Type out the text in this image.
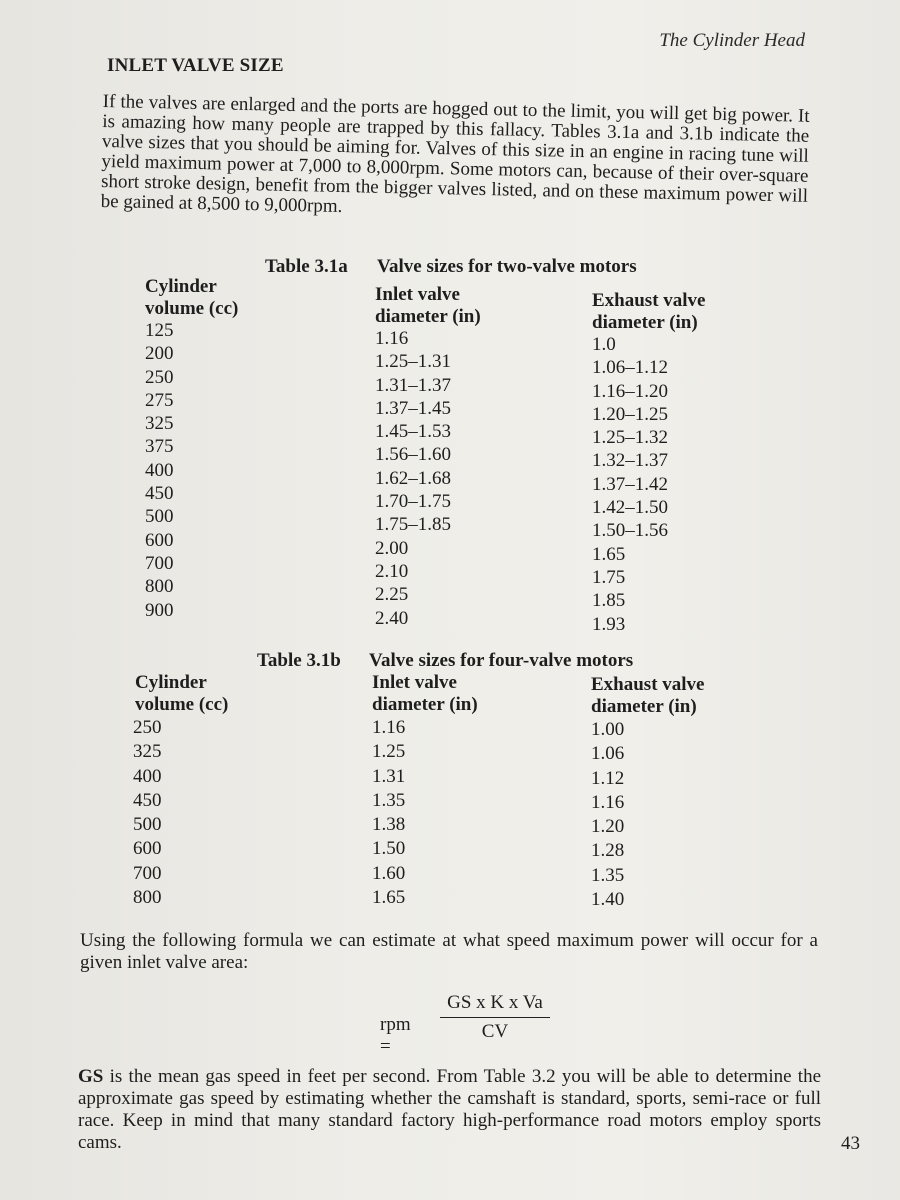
The Cylinder Head
INLET VALVE SIZE
If the valves are enlarged and the ports are hogged out to the limit, you will get big power. It is amazing how many people are trapped by this fallacy. Tables 3.1a and 3.1b indicate the valve sizes that you should be aiming for. Valves of this size in an engine in racing tune will yield maximum power at 7,000 to 8,000rpm. Some motors can, because of their over-square short stroke design, benefit from the bigger valves listed, and on these maximum power will be gained at 8,500 to 9,000rpm.
Table 3.1a Valve sizes for two-valve motors
Cylinder
volume (cc)
Inlet valve
diameter (in)
Exhaust valve
diameter (in)
125
200
250
275
325
375
400
450
500
600
700
800
900
1.16
1.25–1.31
1.31–1.37
1.37–1.45
1.45–1.53
1.56–1.60
1.62–1.68
1.70–1.75
1.75–1.85
2.00
2.10
2.25
2.40
1.0
1.06–1.12
1.16–1.20
1.20–1.25
1.25–1.32
1.32–1.37
1.37–1.42
1.42–1.50
1.50–1.56
1.65
1.75
1.85
1.93
Table 3.1b Valve sizes for four-valve motors
Cylinder
volume (cc)
Inlet valve
diameter (in)
Exhaust valve
diameter (in)
250
325
400
450
500
600
700
800
1.16
1.25
1.31
1.35
1.38
1.50
1.60
1.65
1.00
1.06
1.12
1.16
1.20
1.28
1.35
1.40
Using the following formula we can estimate at what speed maximum power will occur for a given inlet valve area:
rpm =
$\frac{\text{GS x K x Va}}{CV}$
GS is the mean gas speed in feet per second. From Table 3.2 you will be able to determine the approximate gas speed by estimating whether the camshaft is standard, sports, semi-race or full race. Keep in mind that many standard factory high-performance road motors employ sports cams.	43
